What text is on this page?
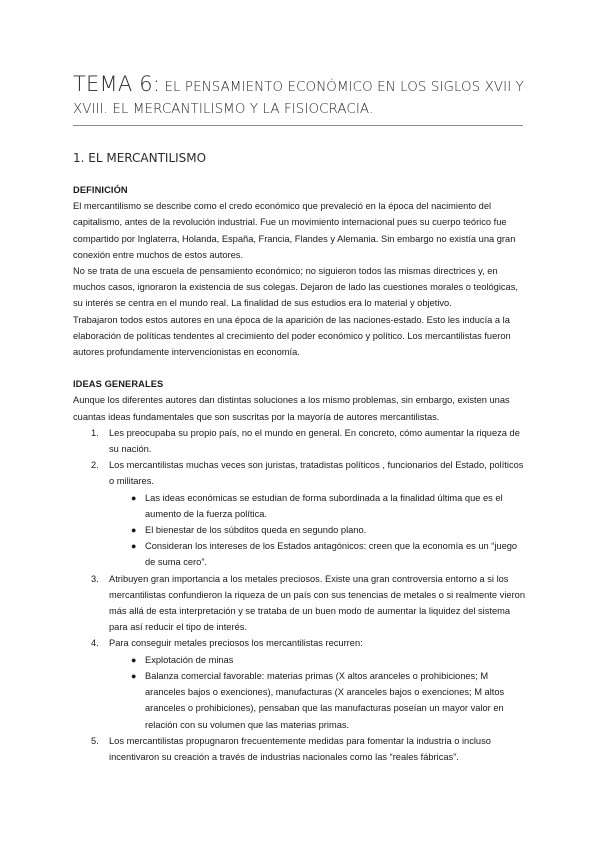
TEMA 6: EL PENSAMIENTO ECONÓMICO EN LOS SIGLOS XVII Y XVIII. EL MERCANTILISMO Y LA FISIOCRACIA.
1. EL MERCANTILISMO
DEFINICIÓN

El mercantilismo se describe como el credo económico que prevaleció en la época del nacimiento del capitalismo, antes de la revolución industrial. Fue un movimiento internacional pues su cuerpo teórico fue compartido por Inglaterra, Holanda, España, Francia, Flandes y Alemania. Sin embargo no existía una gran conexión entre muchos de estos autores.

No se trata de una escuela de pensamiento económico; no siguieron todos las mismas directrices y, en muchos casos, ignoraron la existencia de sus colegas. Dejaron de lado las cuestiones morales o teológicas, su interés se centra en el mundo real. La finalidad de sus estudios era lo material y objetivo.

Trabajaron todos estos autores en una época de la aparición de las naciones-estado. Esto les inducía a la elaboración de políticas tendentes al crecimiento del poder económico y político. Los mercantilistas fueron autores profundamente intervencionistas en economía.

IDEAS GENERALES

Aunque los diferentes autores dan distintas soluciones a los mismo problemas, sin embargo, existen unas cuantas ideas fundamentales que son suscritas por la mayoría de autores mercantilistas.

1. Les preocupaba su propio país, no el mundo en general. En concreto, cómo aumentar la riqueza de su nación.
2. Los mercantilistas muchas veces son juristas, tratadistas políticos , funcionarios del Estado, políticos o militares.
● Las ideas económicas se estudian de forma subordinada a la finalidad última que es el aumento de la fuerza política.
● El bienestar de los súbditos queda en segundo plano.
● Consideran los intereses de los Estados antagónicos: creen que la economía es un “juego de suma cero”.
3. Atribuyen gran importancia a los metales preciosos. Existe una gran controversia entorno a si los mercantilistas confundieron la riqueza de un país con sus tenencias de metales o si realmente vieron más allá de esta interpretación y se trataba de un buen modo de aumentar la liquidez del sistema para así reducir el tipo de interés.
4. Para conseguir metales preciosos los mercantilistas recurren:
● Explotación de minas
● Balanza comercial favorable: materias primas (X altos aranceles o prohibiciones; M aranceles bajos o exenciones), manufacturas (X aranceles bajos o exenciones; M altos aranceles o prohibiciones), pensaban que las manufacturas poseían un mayor valor en relación con su volumen que las materias primas.
5. Los mercantilistas propugnaron frecuentemente medidas para fomentar la industria o incluso incentivaron su creación a través de industrias nacionales como las “reales fábricas”.
